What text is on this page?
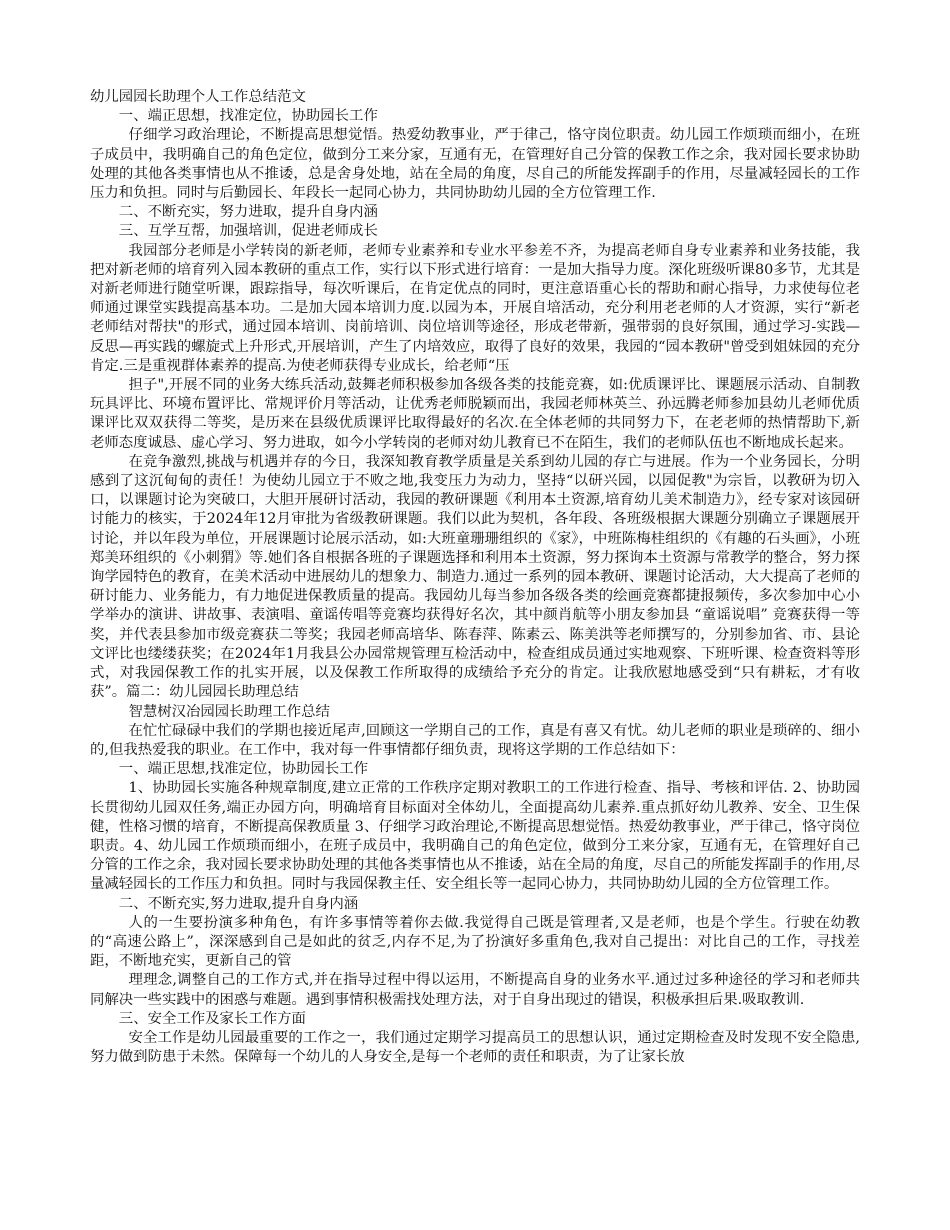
幼儿园园长助理个人工作总结范文

一、端正思想，找准定位，协助园长工作

仔细学习政治理论，不断提高思想觉悟。热爱幼教事业，严于律己，恪守岗位职责。幼儿园工作烦琐而细小，在班子成员中，我明确自己的角色定位，做到分工来分家，互通有无，在管理好自己分管的保教工作之余，我对园长要求协助处理的其他各类事情也从不推诿，总是舍身处地，站在全局的角度，尽自己的所能发挥副手的作用，尽量减轻园长的工作压力和负担。同时与后勤园长、年段长一起同心协力，共同协助幼儿园的全方位管理工作.

二、不断充实，努力进取，提升自身内涵

三、互学互帮，加强培训，促进老师成长

我园部分老师是小学转岗的新老师，老师专业素养和专业水平参差不齐，为提高老师自身专业素养和业务技能，我把对新老师的培育列入园本教研的重点工作，实行以下形式进行培育：一是加大指导力度。深化班级听课80多节，尤其是对新老师进行随堂听课，跟踪指导，每次听课后，在肯定优点的同时，更注意语重心长的帮助和耐心指导，力求使每位老师通过课堂实践提高基本功。二是加大园本培训力度.以园为本，开展自培活动，充分利用老老师的人才资源，实行“新老老师结对帮扶"的形式，通过园本培训、岗前培训、岗位培训等途径，形成老带新，强带弱的良好氛围，通过学习-实践—反思—再实践的螺旋式上升形式,开展培训，产生了内培效应，取得了良好的效果，我园的“园本教研"曾受到姐妹园的充分肯定.三是重视群体素养的提高.为使老师获得专业成长，给老师“压

担子",开展不同的业务大练兵活动,鼓舞老师积极参加各级各类的技能竞赛，如:优质课评比、课题展示活动、自制教玩具评比、环境布置评比、常规评价月等活动，让优秀老师脱颖而出，我园老师林英兰、孙远腾老师参加县幼儿老师优质课评比双双获得二等奖，是历来在县级优质课评比取得最好的名次.在全体老师的共同努力下，在老老师的热情帮助下,新老师态度诚恳、虚心学习、努力进取，如今小学转岗的老师对幼儿教育已不在陌生，我们的老师队伍也不断地成长起来。

在竞争激烈,挑战与机遇并存的今日，我深知教育教学质量是关系到幼儿园的存亡与进展。作为一个业务园长，分明感到了这沉甸甸的责任！为使幼儿园立于不败之地,我变压力为动力，坚持“以研兴园，以园促教"为宗旨，以教研为切入口，以课题讨论为突破口，大胆开展研讨活动，我园的教研课题《利用本土资源,培育幼儿美术制造力》，经专家对该园研讨能力的核实，于2024年12月审批为省级教研课题。我们以此为契机，各年段、各班级根据大课题分别确立子课题展开讨论，并以年段为单位，开展课题讨论展示活动，如:大班童珊珊组织的《家》，中班陈梅桂组织的《有趣的石头画》，小班郑美环组织的《小刺猬》等.她们各自根据各班的子课题选择和利用本土资源，努力探询本土资源与常教学的整合，努力探询学园特色的教育，在美术活动中进展幼儿的想象力、制造力.通过一系列的园本教研、课题讨论活动，大大提高了老师的研讨能力、业务能力，有力地促进保教质量的提高。我园幼儿每当参加各级各类的绘画竞赛都捷报频传，多次参加中心小学举办的演讲、讲故事、表演唱、童谣传唱等竞赛均获得好名次，其中颜肖航等小朋友参加县 “童谣说唱” 竞赛获得一等奖，并代表县参加市级竞赛获二等奖；我园老师高培华、陈春萍、陈素云、陈美洪等老师撰写的，分别参加省、市、县论文评比也缕缕获奖；在2024年1月我县公办园常规管理互检活动中，检查组成员通过实地观察、下班听课、检查资料等形式，对我园保教工作的扎实开展，以及保教工作所取得的成绩给予充分的肯定。让我欣慰地感受到“只有耕耘，才有收获”。篇二：幼儿园园长助理总结

智慧树汉冶园园长助理工作总结

在忙忙碌碌中我们的学期也接近尾声,回顾这一学期自己的工作，真是有喜又有忧。幼儿老师的职业是琐碎的、细小的,但我热爱我的职业。在工作中，我对每一件事情都仔细负责，现将这学期的工作总结如下：

一、端正思想,找准定位，协助园长工作

1、协助园长实施各种规章制度,建立正常的工作秩序定期对教职工的工作进行检查、指导、考核和评估. 2、协助园长贯彻幼儿园双任务,端正办园方向，明确培育目标面对全体幼儿，全面提高幼儿素养.重点抓好幼儿教养、安全、卫生保健，性格习惯的培育，不断提高保教质量 3、仔细学习政治理论,不断提高思想觉悟。热爱幼教事业，严于律己，恪守岗位职责。4、幼儿园工作烦琐而细小，在班子成员中，我明确自己的角色定位，做到分工来分家，互通有无，在管理好自己分管的工作之余，我对园长要求协助处理的其他各类事情也从不推诿，站在全局的角度，尽自己的所能发挥副手的作用,尽量减轻园长的工作压力和负担。同时与我园保教主任、安全组长等一起同心协力，共同协助幼儿园的全方位管理工作。

二、不断充实,努力进取,提升自身内涵

人的一生要扮演多种角色，有许多事情等着你去做.我觉得自己既是管理者,又是老师，也是个学生。行驶在幼教的“高速公路上”，深深感到自己是如此的贫乏,内存不足,为了扮演好多重角色,我对自己提出：对比自己的工作，寻找差距，不断地充实，更新自己的管

理理念,调整自己的工作方式,并在指导过程中得以运用，不断提高自身的业务水平.通过过多种途径的学习和老师共同解决一些实践中的困惑与难题。遇到事情积极需找处理方法，对于自身出现过的错误，积极承担后果.吸取教训.

三、安全工作及家长工作方面

安全工作是幼儿园最重要的工作之一，我们通过定期学习提高员工的思想认识，通过定期检查及时发现不安全隐患,努力做到防患于未然。保障每一个幼儿的人身安全,是每一个老师的责任和职责，为了让家长放
